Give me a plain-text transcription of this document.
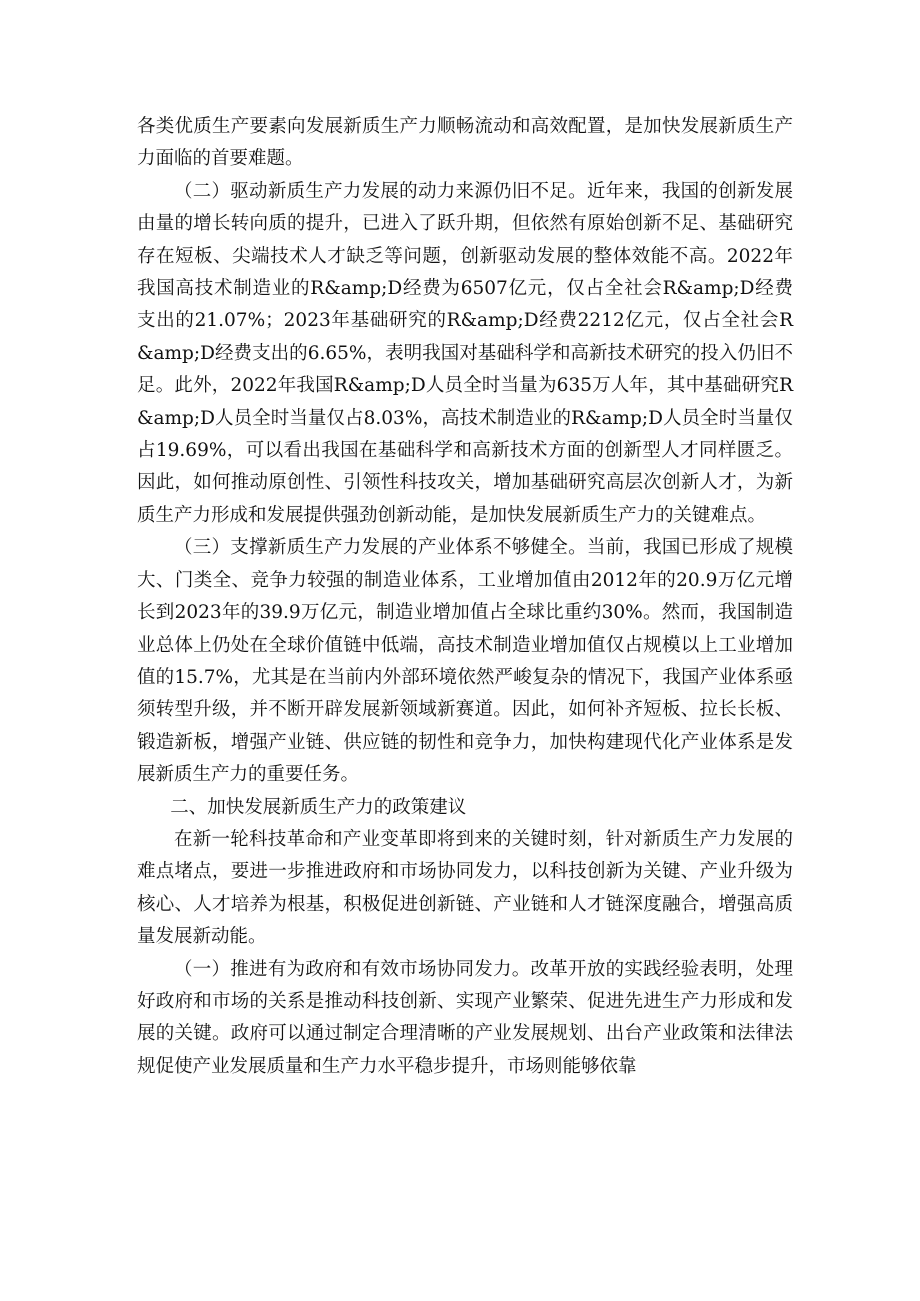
各类优质生产要素向发展新质生产力顺畅流动和高效配置，是加快发展新质生产力面临的首要难题。

（二）驱动新质生产力发展的动力来源仍旧不足。近年来，我国的创新发展由量的增长转向质的提升，已进入了跃升期，但依然有原始创新不足、基础研究存在短板、尖端技术人才缺乏等问题，创新驱动发展的整体效能不高。2022年我国高技术制造业的R&amp;D经费为6507亿元，仅占全社会R&amp;D经费支出的21.07%；2023年基础研究的R&amp;D经费2212亿元，仅占全社会R&amp;D经费支出的6.65%，表明我国对基础科学和高新技术研究的投入仍旧不足。此外，2022年我国R&amp;D人员全时当量为635万人年，其中基础研究R&amp;D人员全时当量仅占8.03%，高技术制造业的R&amp;D人员全时当量仅占19.69%，可以看出我国在基础科学和高新技术方面的创新型人才同样匮乏。因此，如何推动原创性、引领性科技攻关，增加基础研究高层次创新人才，为新质生产力形成和发展提供强劲创新动能，是加快发展新质生产力的关键难点。

（三）支撑新质生产力发展的产业体系不够健全。当前，我国已形成了规模大、门类全、竞争力较强的制造业体系，工业增加值由2012年的20.9万亿元增长到2023年的39.9万亿元，制造业增加值占全球比重约30%。然而，我国制造业总体上仍处在全球价值链中低端，高技术制造业增加值仅占规模以上工业增加值的15.7%，尤其是在当前内外部环境依然严峻复杂的情况下，我国产业体系亟须转型升级，并不断开辟发展新领域新赛道。因此，如何补齐短板、拉长长板、锻造新板，增强产业链、供应链的韧性和竞争力，加快构建现代化产业体系是发展新质生产力的重要任务。

二、加快发展新质生产力的政策建议

在新一轮科技革命和产业变革即将到来的关键时刻，针对新质生产力发展的难点堵点，要进一步推进政府和市场协同发力，以科技创新为关键、产业升级为核心、人才培养为根基，积极促进创新链、产业链和人才链深度融合，增强高质量发展新动能。

（一）推进有为政府和有效市场协同发力。改革开放的实践经验表明，处理好政府和市场的关系是推动科技创新、实现产业繁荣、促进先进生产力形成和发展的关键。政府可以通过制定合理清晰的产业发展规划、出台产业政策和法律法规促使产业发展质量和生产力水平稳步提升，市场则能够依靠
